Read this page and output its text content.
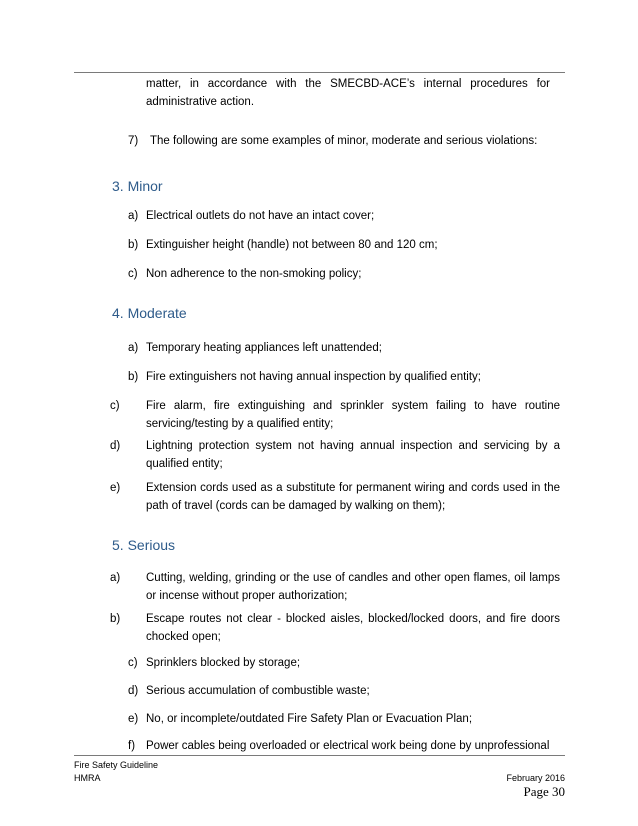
matter, in accordance with the SMECBD-ACE’s internal procedures for administrative action.
7) The following are some examples of minor, moderate and serious violations:
3. Minor
a) Electrical outlets do not have an intact cover;
b) Extinguisher height (handle) not between 80 and 120 cm;
c) Non adherence to the non-smoking policy;
4. Moderate
a) Temporary heating appliances left unattended;
b) Fire extinguishers not having annual inspection by qualified entity;
c) Fire alarm, fire extinguishing and sprinkler system failing to have routine servicing/testing by a qualified entity;
d) Lightning protection system not having annual inspection and servicing by a qualified entity;
e) Extension cords used as a substitute for permanent wiring and cords used in the path of travel (cords can be damaged by walking on them);
5. Serious
a) Cutting, welding, grinding or the use of candles and other open flames, oil lamps or incense without proper authorization;
b) Escape routes not clear - blocked aisles, blocked/locked doors, and fire doors chocked open;
c) Sprinklers blocked by storage;
d) Serious accumulation of combustible waste;
e) No, or incomplete/outdated Fire Safety Plan or Evacuation Plan;
f) Power cables being overloaded or electrical work being done by unprofessional
Fire Safety Guideline
HMRA	February 2016
Page 30
